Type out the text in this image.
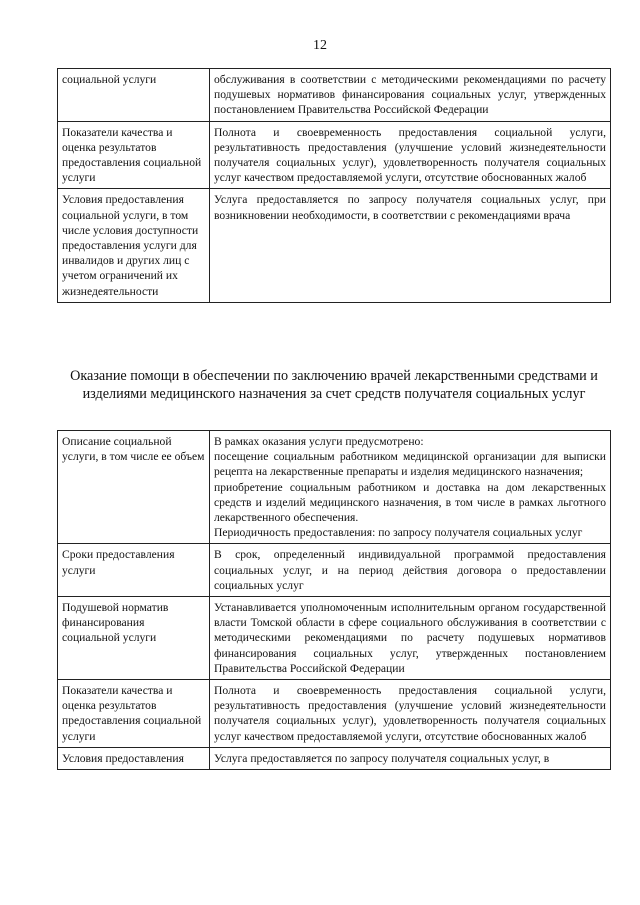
12
социальной услуги	обслуживания в соответствии с методическими рекомендациями по расчету подушевых нормативов финансирования социальных услуг, утвержденных постановлением Правительства Российской Федерации
Показатели качества и оценка результатов предоставления социальной услуги	Полнота и своевременность предоставления социальной услуги, результативность предоставления (улучшение условий жизнедеятельности получателя социальных услуг), удовлетворенность получателя социальных услуг качеством предоставляемой услуги, отсутствие обоснованных жалоб
Условия предоставления социальной услуги, в том числе условия доступности предоставления услуги для инвалидов и других лиц с учетом ограничений их жизнедеятельности	Услуга предоставляется по запросу получателя социальных услуг, при возникновении необходимости, в соответствии с рекомендациями врача
Оказание помощи в обеспечении по заключению врачей лекарственными средствами и изделиями медицинского назначения за счет средств получателя социальных услуг
Описание социальной услуги, в том числе ее объем	В рамках оказания услуги предусмотрено:

посещение социальным работником медицинской организации для выписки рецепта на лекарственные препараты и изделия медицинского назначения;

приобретение социальным работником и доставка на дом лекарственных средств и изделий медицинского назначения, в том числе в рамках льготного лекарственного обеспечения.

Периодичность предоставления: по запросу получателя социальных услуг

Сроки предоставления услуги	В срок, определенный индивидуальной программой предоставления социальных услуг, и на период действия договора о предоставлении социальных услуг
Подушевой норматив финансирования социальной услуги	Устанавливается уполномоченным исполнительным органом государственной власти Томской области в сфере социального обслуживания в соответствии с методическими рекомендациями по расчету подушевых нормативов финансирования социальных услуг, утвержденных постановлением Правительства Российской Федерации
Показатели качества и оценка результатов предоставления социальной услуги	Полнота и своевременность предоставления социальной услуги, результативность предоставления (улучшение условий жизнедеятельности получателя социальных услуг), удовлетворенность получателя социальных услуг качеством предоставляемой услуги, отсутствие обоснованных жалоб
Условия предоставления	Услуга предоставляется по запросу получателя социальных услуг, в
